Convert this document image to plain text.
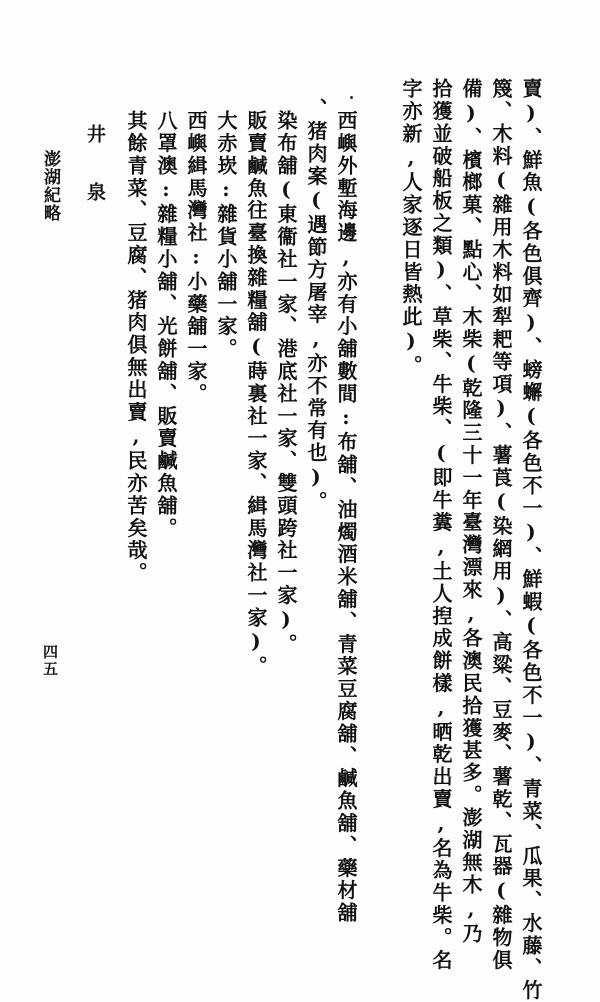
賣)、鮮魚(各色俱齊)、螃蠏(各色不一)、鮮蝦(各色不一)、青菜、瓜果、水藤、竹
篾、木料(雜用木料如犁耙等項)、薯莨(染網用)、高粱、豆麥、薯乾、瓦器(雜物俱
備)、檳榔菓、點心、木柴(乾隆三十一年臺灣漂來,各澳民拾獲甚多。澎湖無木,乃
拾獲並破船板之類)、草柴、牛柴、(即牛糞,土人揑成餅樣,晒乾出賣,名為牛柴。名
字亦新,人家逐日皆熱此)。
西嶼外塹海邊,亦有小舖數間:布舖、油燭酒米舖、青菜豆腐舖、鹹魚舖、藥材舖
、猪肉案(遇節方屠宰,亦不常有也)。
染布舖(東衞社一家、港底社一家、雙頭跨社一家)。
販賣鹹魚往臺換雜糧舖(蒔裏社一家、緝馬灣社一家)。
大赤崁:雜貨小舖一家。
西嶼緝馬灣社:小藥舖一家。
八罩澳:雜糧小舖、光餅舖、販賣鹹魚舖。
其餘青菜、豆腐、猪肉俱無出賣,民亦苦矣哉。
井　泉
澎湖紀略
四五
